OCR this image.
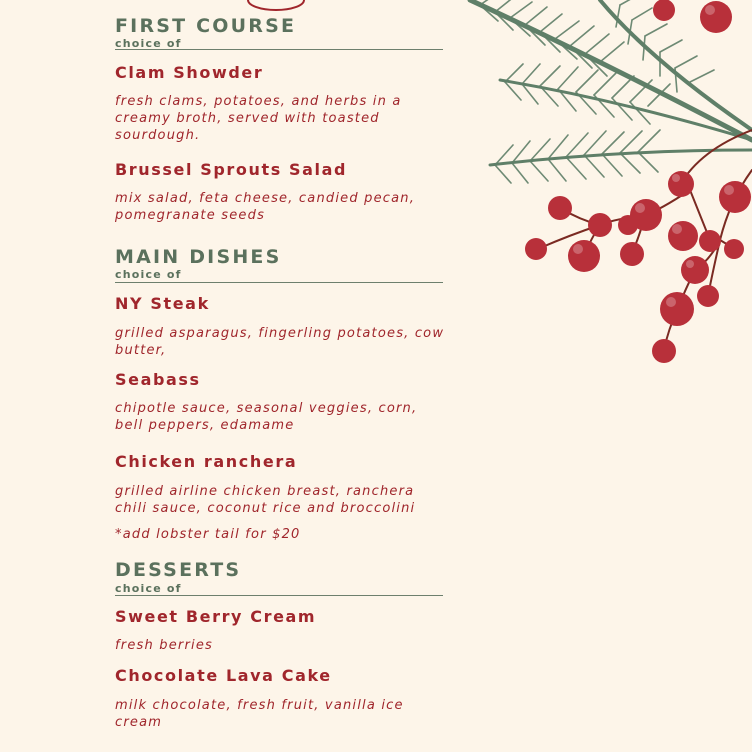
FIRST COURSE
choice of
Clam Showder
fresh clams, potatoes, and herbs in a creamy broth, served with toasted sourdough.
Brussel Sprouts Salad
mix salad, feta cheese, candied pecan, pomegranate seeds
MAIN DISHES
choice of
NY Steak
grilled asparagus, fingerling potatoes, cow butter,
Seabass
chipotle sauce, seasonal veggies, corn, bell peppers, edamame
Chicken ranchera
grilled airline chicken breast, ranchera chili sauce, coconut rice and broccolini
*add lobster tail for $20
DESSERTS
choice of
Sweet Berry Cream
fresh berries
Chocolate Lava Cake
milk chocolate, fresh fruit, vanilla ice cream
